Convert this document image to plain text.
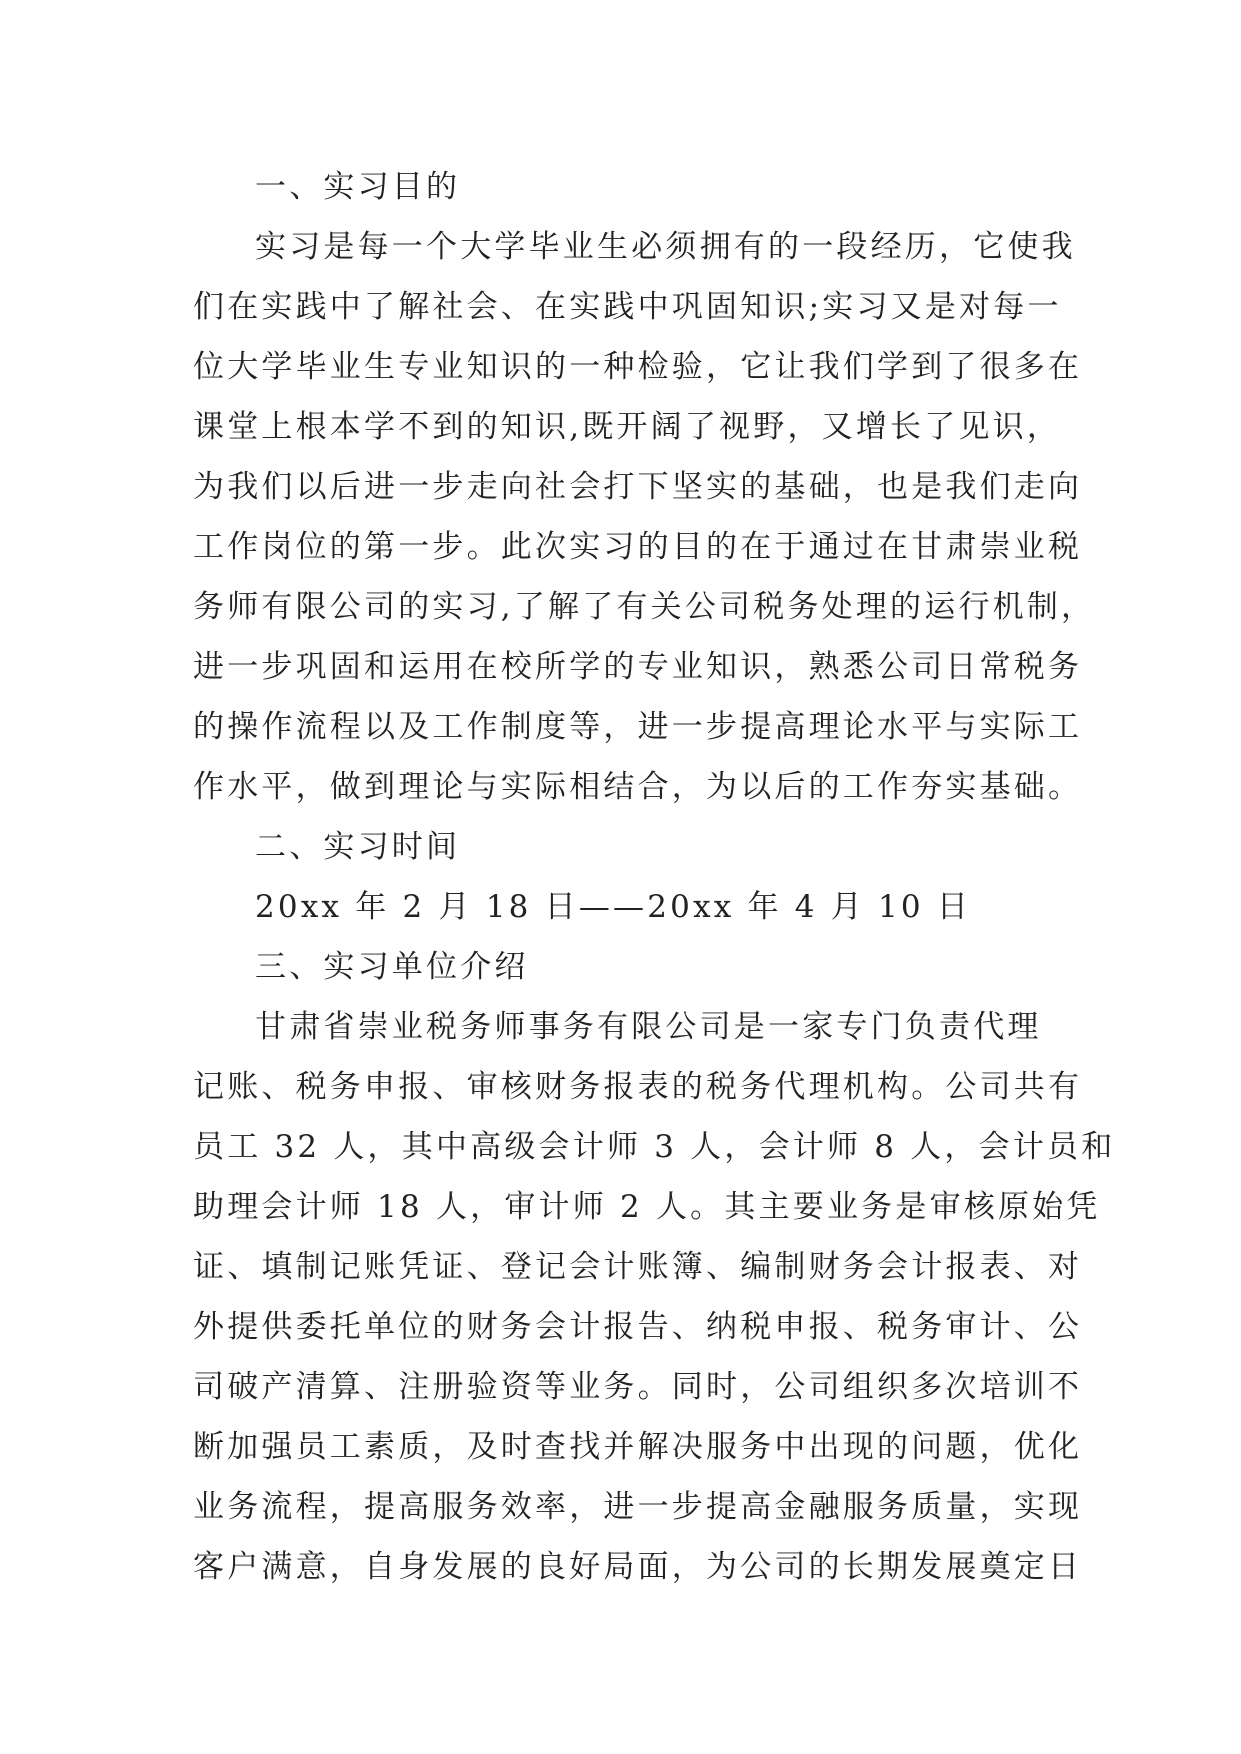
一、实习目的
实习是每一个大学毕业生必须拥有的一段经历，它使我
们在实践中了解社会、在实践中巩固知识;实习又是对每一
位大学毕业生专业知识的一种检验，它让我们学到了很多在
课堂上根本学不到的知识,既开阔了视野，又增长了见识，
为我们以后进一步走向社会打下坚实的基础，也是我们走向
工作岗位的第一步。此次实习的目的在于通过在甘肃崇业税
务师有限公司的实习,了解了有关公司税务处理的运行机制，
进一步巩固和运用在校所学的专业知识，熟悉公司日常税务
的操作流程以及工作制度等，进一步提高理论水平与实际工
作水平，做到理论与实际相结合，为以后的工作夯实基础。
二、实习时间
20xx 年 2 月 18 日——20xx 年 4 月 10 日
三、实习单位介绍
甘肃省崇业税务师事务有限公司是一家专门负责代理
记账、税务申报、审核财务报表的税务代理机构。公司共有
员工 32 人，其中高级会计师 3 人，会计师 8 人，会计员和
助理会计师 18 人，审计师 2 人。其主要业务是审核原始凭
证、填制记账凭证、登记会计账簿、编制财务会计报表、对
外提供委托单位的财务会计报告、纳税申报、税务审计、公
司破产清算、注册验资等业务。同时，公司组织多次培训不
断加强员工素质，及时查找并解决服务中出现的问题，优化
业务流程，提高服务效率，进一步提高金融服务质量，实现
客户满意，自身发展的良好局面，为公司的长期发展奠定日
